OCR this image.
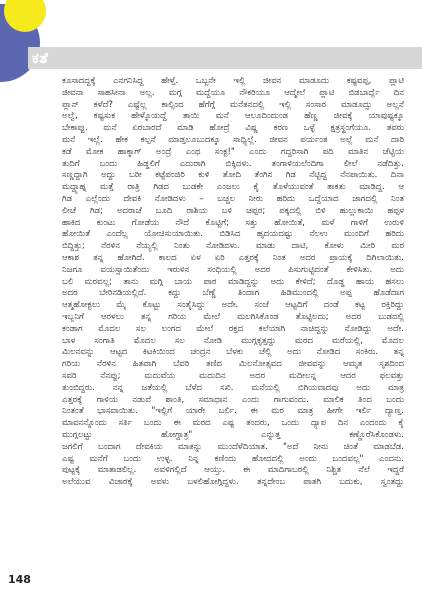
ಕತೆ
ಕೂಸಾದದ್ದಕ್ಕೆ ಎನಗನಿಸಿದ್ದ ಹೇಳ್ತೆ. ಒಬ್ಬನೇ ಇಲ್ಲಿ ಜೀವನ ಮಾಡೂದು ಕಷ್ಟವಪ್ಪ, ಪ್ಲಾಟಿ
ಜೀವನಾ ಸಾಹಸೀನಾ ಅಲ್ಲ. ಮಗ್ಗ ಮದ್ದೆಯೂ ನೌಕರಿಯೂ ಆದ್ಮೇಲೆ ಪ್ಲಾಟಿ ಬಿಡಬಾರ್ದ್ಲೆ ದಿನ
ಪ್ಲಾನ್ ಕಳೆದೆ? ಎಷ್ಟೆಲ್ಲ ಕಾಲ್ಸಿಂದ ಹೆಗೆಗ್ಗೆ ಮನೆತನದಲ್ಲಿ ಇಲ್ಲಿ ಸಂಸಾರ ಮಾಡೂದ್ಸು ಅಲ್ಲನೆ
ಅಲ್ವೆ, ಕಷ್ಟಸುಕ ಹೇಳ್ಕೊಯದ್ದೆ ತಾಯಿ ಮನೆ ಆಲೂದಿಂದುಂಡ ಹೆಣ್ಣ ಜೀವಕ್ಕೆ ಯಾವುಷ್ಟಕ್ಕೂ
ಬೇಕಾಪ್ಪು. ಮನೆ ಏರಬಾರದೆ ಮಾಡಿ ಹೋದ್ರೆ ವಿಷ್ಣ ಕರಣ ಒಳ್ಳೆ ಕ್ಷತ್ರಸ್ಥಂಗೆಯೂ. ತವರು
ಮನೆ ಇಲ್ಲೆ. ಹೇಕ ಕಲ್ಪನೆ ಮಾಡ್ತಲೂಬುದಕ್ಕೂ ಸಾಧ್ಯಿಲ್ಲೆ. ಜೀವನ ಪರ್ಯಂತ ಅಲ್ಲೆ ಮನೆ ದಾರಿ
ಕಡೆ ಮೋಕ ಹಾಕ್ಕಾಗ್ ಅಂದ್ರೆ ಎಂಥ ಸಂಕ್ಟ!" ಎಂದು ಗದ್ದರಿಸಾಗಿ ಪದಿ ಮಾತಿನ ಚೆಟ್ಟಿಯ
ತುದಿಗೆ ಬಂದು ಹಿಡ್ಡಲಿಗೆ ಎದುರಾಗಿ ಬಿಕ್ಕಿದಳು. ತಂಗಾಳಿಯಲೆಂದಿಗಾ ಲೀಲೆ ನಡೆದಿತ್ತು.
ಸಣ್ಣದ್ದಾಗಿ ಅದ್ದು ಬರೀ ಕಟ್ಟೆಪಂಜಿರಿ ಕುಳಿ ತೋದಿ ತೆಂಗಿನ ಗಿಡ ನೆಟ್ಟಿದ್ದ ನೆನಪಾಯಿತು. ದಿನಾ
ಮದ್ದ್ಯಾಹ್ನ ಮತ್ತೆ ರಾತ್ರಿ ಗಿಡದ ಬುಡಕೇ ಎಂಜಲು ಕೈ ತೊಳೆಯುವಂತೆ ತಾಕತು ಮಾಡಿದ್ದ. ಆ
ಗಿಡ ಎಲ್ಲೆಂದು ದೇವಕಿ ನೋಡಿದಳು – ಬಚ್ಚಲ ನೀರು ಹರಿದು ಒದ್ದೆಯಾದ ಜಾಗದಲ್ಲಿ ನಿಂತ
ಲೀಚೆ ಗಿಡ; ಅದರಾಚೆ ಬೂದಿ ರಾಶಿಯ ಬಳಿ ಚಪ್ಪರ; ಪಕ್ಕದಲ್ಲಿ ಬಿಳಿ ಹುಲ್ಲುಕಾಯಿ ಹಪ್ಪಳ
ಹಾಕಿದ ಕುಂಟು ಗೋಡೆಯ ನೌದೆ ಕೊಟ್ಟಿಗೆ; ಸತ್ತು ಹೋಯಿತೆ, ಮಳೆ ಗಾಳಿಗೆ ಉರುಳಿ
ಹೋಯಿತೆ ಎಂದೆಲ್ಲ ಯೋಚಿಸುಯಾಯಿತು. ಬಿಡಿಸಿದ ಹೃದಯದಷ್ಟು ನೆಲಉ ಮುಂದಿಗೆ ಹರಿದು
ಬಿದ್ದಿತ್ತು; ನೆರಳಿನ ನೆಯ್ಯಲ್ಲಿ ನಿಂತು ನೋಡಿದಳು. ಮಾಡು ದಾಟಿ, ಕೋಳು ಮೀರಿ ಮರ
ಆಕಾಶ ತನ್ನ ಹೋಗಿದೆ. ಕಾಲದ ಏಳ ಏರಿ ಎತ್ತರಕ್ಕೆ ನಿಂತ ಅದರ ಪ್ರಾಯಕ್ಕೆ ದಿಗಿಲಾಯಿತು.
ನಿಜಗೂ ವಯಸ್ಸಾಯಿತೆಂದು ಇರುಳಿನ ಸಂಧಿಯಲ್ಲಿ ಅದರ ಪಿಸುಗುಟ್ಟಿದಂತೆ ಕೇಳಿಸಿತು. ಅದು
ಬಲಿ ಮರವಲ್ಲ; ತಾನು ಮಗ್ಗಿ ಬಾಯ ಪಾಠ ಮಾಡಿದ್ದನ್ನು ಅದು ಕೇಳಿದೆ; ದೊಡ್ಡ ಹಾಯ ಹಸಲು
ಅದರ ಬೇರಿನಡಿಯಲ್ಲಿದೆ. ಕದ್ದು ಬೆಣ್ಣೆ ತಿಂದಾಗ ಹಿಡಿಮುಂದಲ್ಲಿ ಅಪ್ಪ ಹೊಡೆದಾಗ
ಆತ್ಮಹೋಕ್ಟಲು ಮೈ ಕೊಟ್ಟು ಸಂತೈಸಿದ್ದು ಅದೇ. ಸಂಜೆ ಆಟ್ಟದಿಗೆ ದಂಡೆ ಕಟ್ಟ ರಕ್ತಿರಿದ್ದು
ಇಬ್ಬನಿಗೆ ಆರಳಲು ತನ್ನ ಗರಿಯ ಮೇಲೆ ಮಲಗಿಸಿಕೊಂಡ ತೊಟ್ಟಿಲದು; ಅದರ ಬುಡದಲ್ಲಿ
ಕಂಡಾಗ ಮೊದಲ ಸಲ ಲಂಗದ ಮೇಲೆ ರಕ್ತದ ಕಲೆಯಾಗಿ ನಾಚಿದ್ದನ್ನು ನೋಡಿದ್ದು ಅದೇ.
ಬಾಳ ಸಂಗಾತಿ ಮೊದಲ ಸಲ ನೋಡಿ ಮುಗ್ಗಕೃತ್ತದ್ದು ಮರದ ಮರೆಯಲ್ಲಿ, ಮೊದಲ
ಮಿಲನವನ್ನು ಆಟ್ಟದ ಕಿಟಕಿಯಿಂದ ಚಂದ್ರನ ಬೆಳಕು ಚೆಲ್ಲಿ ಅದು ನೋಡಿದ ಸಂಕಿರು. ತನ್ನ
ಗರಿಯ ನೆರಳಿನ ಹಿತವಾಗಿ ಬೆವರಿ ತಣಿದ ಮಿಲನೋತ್ಸವದ ಜೀವವನ್ನು ಆಮೃತ ಸೃಶದಿಂದ
ಸವರಿ ನೆನಪ್ಪು; ಮದುವೆಯ ಮದುದಿನ ಅದರ ಮದೀಲನ್ನ ಆದರ ಫಲವತ್ತು
ತುಂಬಿದ್ದರು. ನನ್ನ ಜತೆಯಲ್ಲಿ ಬೆಳೆದ ಸಖಿ. ಮನೆಯಲ್ಲಿ ಬಿಗಿಯವಾದವು ಅದು ಮಾತ್ರ
ಎತ್ತರಕ್ಕೆ ಗಾಳಿಯ ನಡುವೆ ಶಾಂತಿ, ಸಮಾಧಾನ ಎಂದು ಗಾಗುವಂದು. ಮಾಲಿಕ ತಿಂದ ಬಂದು
ನಿಂತಂತೆ ಭಾಸವಾಯಿತು. "ಇಲ್ಲಿಗೆ ಯಾರೇ ಬರ್ಲಿ. ಈ ಮರ ಮಾತ್ರ ಹೀಗೇ ಇರ್ಲಿ ದ್ಯಾಣ್ತ.
ಮಾವನನ್ನೊಂದು ಸರ್ತಿ ಬಂದು ಈ ಮರದ ಎಷ್ಟ ತಂದರು, ಒಂದು ದ್ಯಾಪ ದಿನ ಎಂದಂದು ಕೈ
ಮುಗ್ಗಲಟ್ಟು ಹೋಗ್ದಾತ್ರ" ಎನ್ನುತ್ತ ಕಣ್ಣೊರೆಸಿಕೊಂಡಳು.
ಜಗಲಿಗೆ ಬಂದಾಗ ದೇವಕಿಯ ಮಾತನ್ನು ಮುಂದೆಳೆದಿಯಾತ. "ಅದೆ ನೀನು ಚಿಂತೆ ಮಾಡಬೆಡ.
ಎಷ್ಟ ಮನೆಗೆ ಬಂದು ಉಳ್ಳ. ನಿನ್ನ ಕಣಿಂದು ಹೋದದಲ್ಲಿ ಅಂದು ಬಂದವಲ್ಲ" ಎಂದನು.
ಪುಟ್ಟಕ್ಕೆ ಮಾತಾಡಲಿಲ್ಲ. ಅವಳಿಗಲ್ಲಿದೆ ಆಯ್ತು. ಈ ಮಾದಿಗಾಬರಲ್ಲಿ ನಿಶ್ಚಿತ ನೆಲೆ ಇದ್ದರೆ
ಅಲೆಯುವ ವಿಚಾರಕ್ಕೆ ಅವಳು ಬಳಲಿಹೋಗ್ಗಿದ್ದಳು. ತನ್ನದೇಂಬ ಪಾತಗಿ ಬದುಕು, ಸ್ವಂತದ್ದು
148
